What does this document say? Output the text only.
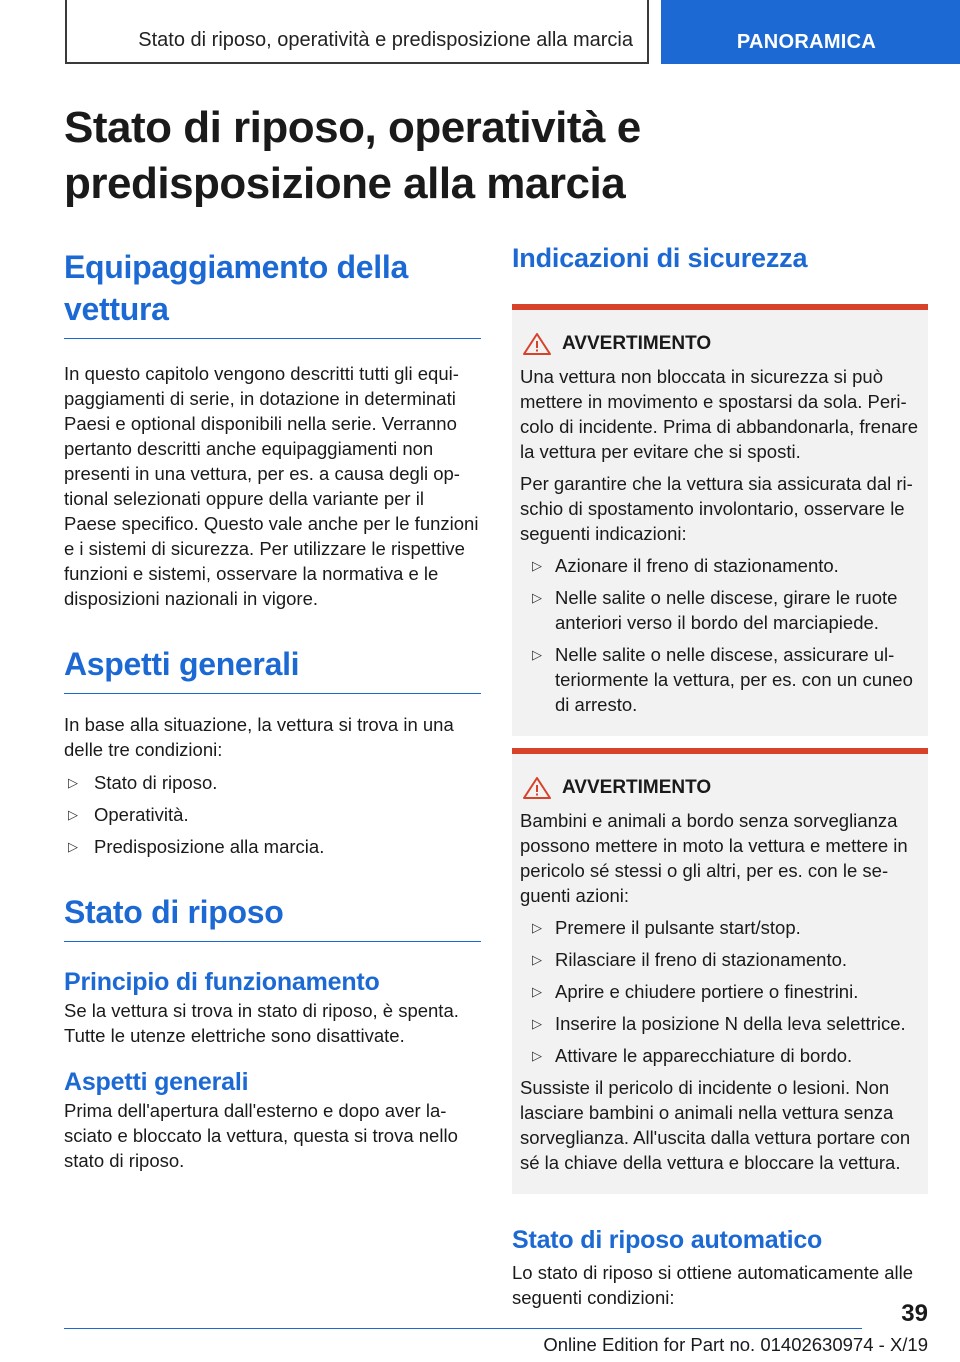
Stato di riposo, operatività e predisposizione alla marcia	PANORAMICA
Stato di riposo, operatività e predisposizione alla marcia
Equipaggiamento della vettura

In questo capitolo vengono descritti tutti gli equipaggiamenti di serie, in dotazione in determinati Paesi e optional disponibili nella serie. Verranno pertanto descritti anche equipaggiamenti non presenti in una vettura, per es. a causa degli optional selezionati oppure della variante per il Paese specifico. Questo vale anche per le funzioni e i sistemi di sicurezza. Per utilizzare le rispettive funzioni e sistemi, osservare la normativa e le disposizioni nazionali in vigore.

Aspetti generali

In base alla situazione, la vettura si trova in una delle tre condizioni:

▷ Stato di riposo.
▷ Operatività.
▷ Predisposizione alla marcia.
Stato di riposo
Principio di funzionamento

Se la vettura si trova in stato di riposo, è spenta. Tutte le utenze elettriche sono disattivate.

Aspetti generali

Prima dell'apertura dall'esterno e dopo aver lasciato e bloccato la vettura, questa si trova nello stato di riposo.

Indicazioni di sicurezza
AVVERTIMENTO

Una vettura non bloccata in sicurezza si può mettere in movimento e spostarsi da sola. Pericolo di incidente. Prima di abbandonarla, frenare la vettura per evitare che si sposti.

Per garantire che la vettura sia assicurata dal rischio di spostamento involontario, osservare le seguenti indicazioni:

▷ Azionare il freno di stazionamento.
▷ Nelle salite o nelle discese, girare le ruote anteriori verso il bordo del marciapiede.
▷ Nelle salite o nelle discese, assicurare ulteriormente la vettura, per es. con un cuneo di arresto.
AVVERTIMENTO

Bambini e animali a bordo senza sorveglianza possono mettere in moto la vettura e mettere in pericolo sé stessi o gli altri, per es. con le seguenti azioni:

▷ Premere il pulsante start/stop.
▷ Rilasciare il freno di stazionamento.
▷ Aprire e chiudere portiere o finestrini.
▷ Inserire la posizione N della leva selettrice.
▷ Attivare le apparecchiature di bordo.

Sussiste il pericolo di incidente o lesioni. Non lasciare bambini o animali nella vettura senza sorveglianza. All'uscita dalla vettura portare con sé la chiave della vettura e bloccare la vettura.

Stato di riposo automatico

Lo stato di riposo si ottiene automaticamente alle seguenti condizioni:

39
Online Edition for Part no. 01402630974 - X/19
